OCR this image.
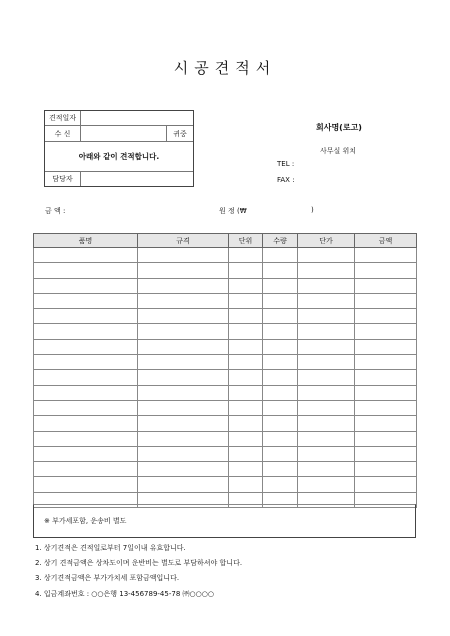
시공견적서
견적일자
수 신	귀중
아래와 같이 견적합니다.
담당자
회사명(로고)
사무실 위치
TEL :
FAX :
금 액 :	원 정 (₩	)
품명	규격	단위	수량	단가	금액

※ 부가세포함, 운송비 별도
1. 상기견적은 견적일로부터 7일이내 유효합니다.
2. 상기 견적금액은 상차도이며 운반비는 별도로 부담하셔야 합니다.
3. 상기견적금액은 부가가치세 포함금액입니다.
4. 입금계좌번호 : ○○은행 13-456789-45-78 ㈜○○○○
